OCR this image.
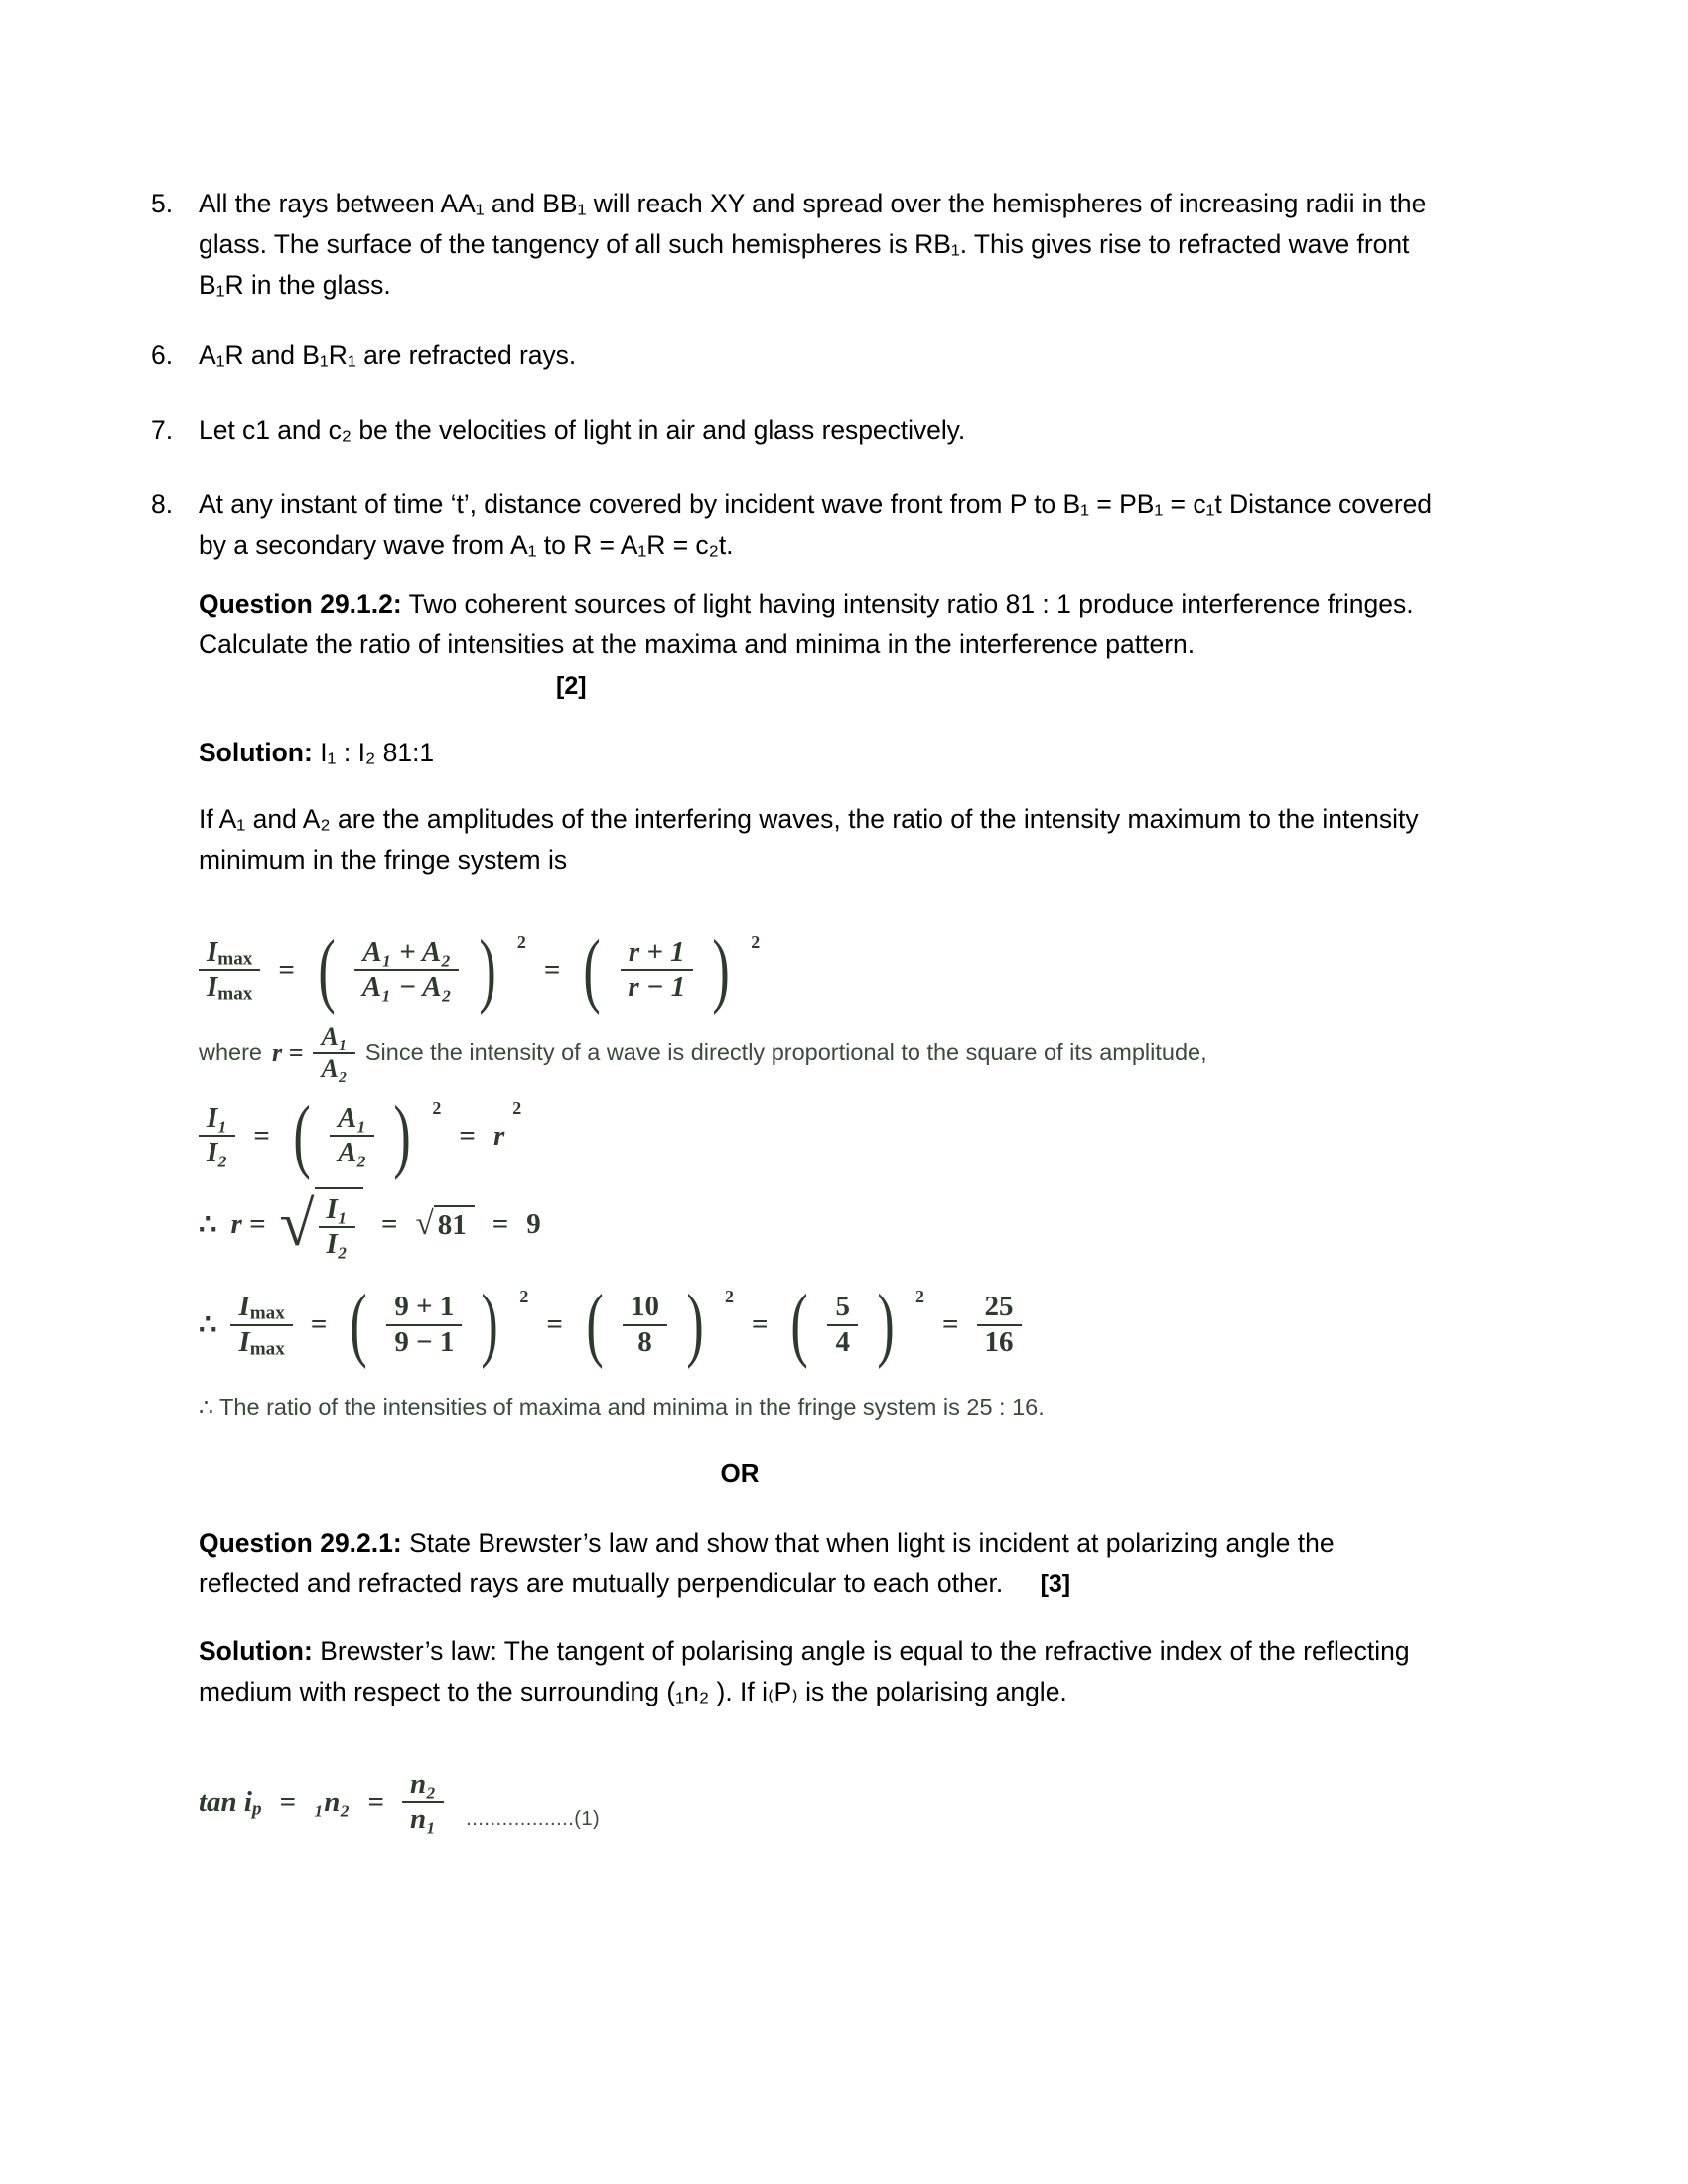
5. All the rays between AA₁ and BB₁ will reach XY and spread over the hemispheres of increasing radii in the glass. The surface of the tangency of all such hemispheres is RB₁. This gives rise to refracted wave front B₁R in the glass.
6. A₁R and B₁R₁ are refracted rays.
7. Let c1 and c₂ be the velocities of light in air and glass respectively.
8. At any instant of time ‘t’, distance covered by incident wave front from P to B₁ = PB₁ = c₁t Distance covered by a secondary wave from A₁ to R = A₁R = c₂t.
Question 29.1.2: Two coherent sources of light having intensity ratio 81 : 1 produce interference fringes. Calculate the ratio of intensities at the maxima and minima in the interference pattern. [2]
Solution: I₁ : I₂ 81:1
If A₁ and A₂ are the amplitudes of the interfering waves, the ratio of the intensity maximum to the intensity minimum in the fringe system is
$\frac{I_{max}}{I_{max}}$ = ( $\frac{\text{A₁ + A₂}}{\text{A₁ − A₂}}$ ) 2
= ( $\frac{r + 1}{r - 1}$ ) 2
where $r = \frac{\text{A₁}}{\text{A₂}}$ Since the intensity of a wave is directly proportional to the square of its amplitude,
$\frac{\text{I₁}}{\text{I₂}}$ = ( $\frac{\text{A₁}}{\text{A₂}}$ ) 2
= r
2
∴ r = √ $\frac{\text{I₁}}{\text{I₂}}$ = √ 81 = 9
∴ $\frac{I_{max}}{I_{max}}$ = ( $\frac{9 + 1}{9 - 1}$ ) 2
= ( $\frac{10}{8}$ ) 2
= ( $\frac{5}{4}$ ) 2
= $\frac{25}{16}$
∴ The ratio of the intensities of maxima and minima in the fringe system is 25 : 16.
OR
Question 29.2.1: State Brewster’s law and show that when light is incident at polarizing angle the reflected and refracted rays are mutually perpendicular to each other. [3]
Solution: Brewster’s law: The tangent of polarising angle is equal to the refractive index of the reflecting medium with respect to the surrounding (₁n₂ ). If i₍P₎ is the polarising angle.
$\tan i_p = _1n_2 = \frac{\text{n₂}}{\text{n₁}} ..................(1)$
